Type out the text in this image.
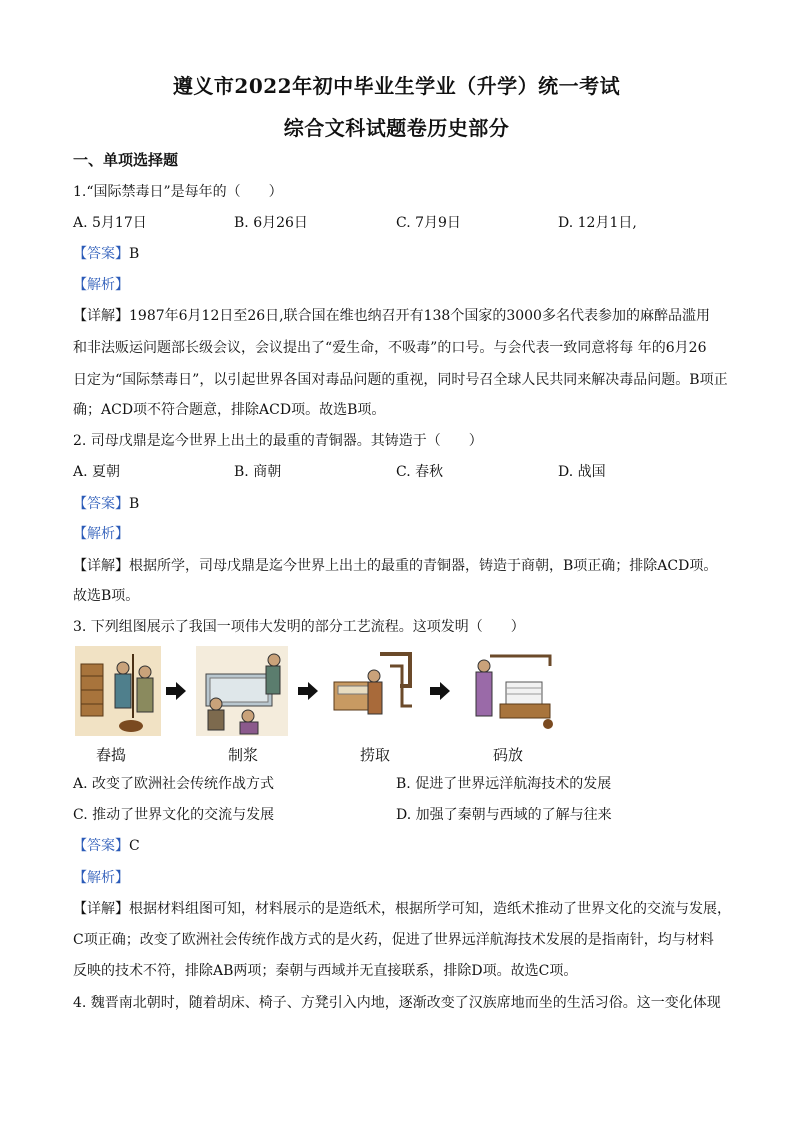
遵义市2022年初中毕业生学业（升学）统一考试
综合文科试题卷历史部分
一、单项选择题
1.“国际禁毒日”是每年的（　　）
A. 5月17日	B. 6月26日	C. 7月9日	D. 12月1日,
【答案】B
【解析】
【详解】1987年6月12日至26日,联合国在维也纳召开有138个国家的3000多名代表参加的麻醉品滥用
和非法贩运问题部长级会议，会议提出了“爱生命，不吸毒”的口号。与会代表一致同意将每 年的6月26
日定为“国际禁毒日”，以引起世界各国对毒品问题的重视，同时号召全球人民共同来解决毒品问题。B项正
确；ACD项不符合题意，排除ACD项。故选B项。
2. 司母戊鼎是迄今世界上出土的最重的青铜器。其铸造于（　　）
A. 夏朝	B. 商朝	C. 春秋	D. 战国
【答案】B
【解析】
【详解】根据所学，司母戊鼎是迄今世界上出土的最重的青铜器，铸造于商朝，B项正确；排除ACD项。
故选B项。
3. 下列组图展示了我国一项伟大发明的部分工艺流程。这项发明（　　）
舂捣	制浆	捞取	码放
A. 改变了欧洲社会传统作战方式	B. 促进了世界远洋航海技术的发展
C. 推动了世界文化的交流与发展	D. 加强了秦朝与西域的了解与往来
【答案】C
【解析】
【详解】根据材料组图可知，材料展示的是造纸术，根据所学可知，造纸术推动了世界文化的交流与发展，
C项正确；改变了欧洲社会传统作战方式的是火药，促进了世界远洋航海技术发展的是指南针，均与材料
反映的技术不符，排除AB两项；秦朝与西域并无直接联系，排除D项。故选C项。
4. 魏晋南北朝时，随着胡床、椅子、方凳引入内地，逐渐改变了汉族席地而坐的生活习俗。这一变化体现
